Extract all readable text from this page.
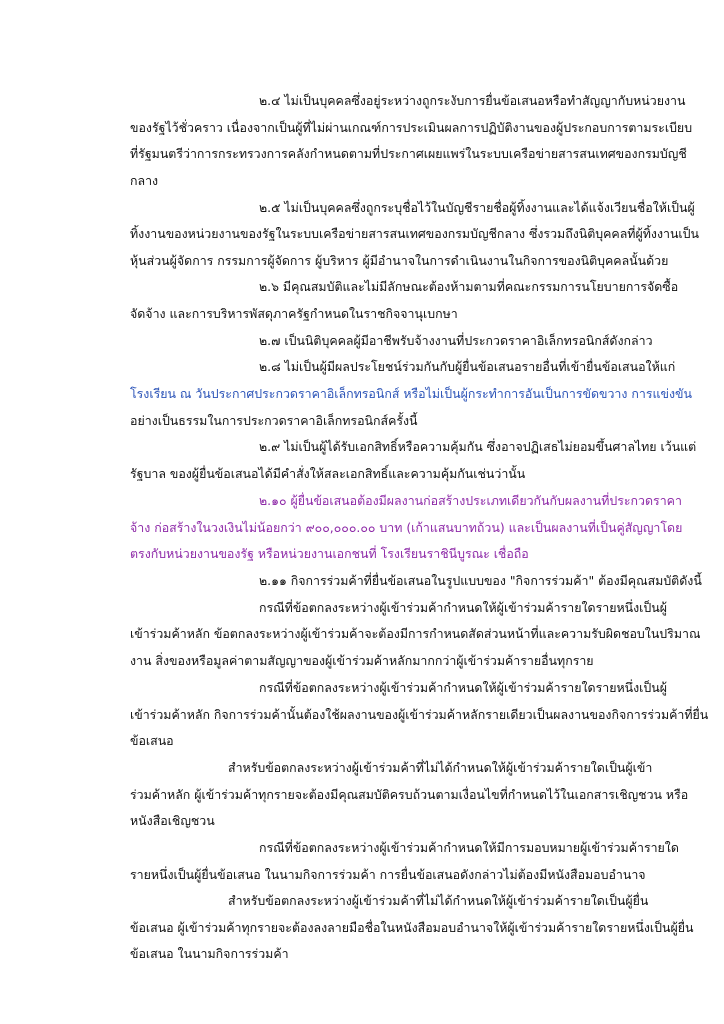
๒.๔ ไม่เป็นบุคคลซึ่งอยู่ระหว่างถูกระงับการยื่นข้อเสนอหรือทำสัญญากับหน่วยงาน
ของรัฐไว้ชั่วคราว เนื่องจากเป็นผู้ที่ไม่ผ่านเกณฑ์การประเมินผลการปฏิบัติงานของผู้ประกอบการตามระเบียบ
ที่รัฐมนตรีว่าการกระทรวงการคลังกำหนดตามที่ประกาศเผยแพร่ในระบบเครือข่ายสารสนเทศของกรมบัญชี
กลาง
๒.๕ ไม่เป็นบุคคลซึ่งถูกระบุชื่อไว้ในบัญชีรายชื่อผู้ทิ้งงานและได้แจ้งเวียนชื่อให้เป็นผู้
ทิ้งงานของหน่วยงานของรัฐในระบบเครือข่ายสารสนเทศของกรมบัญชีกลาง ซึ่งรวมถึงนิติบุคคลที่ผู้ทิ้งงานเป็น
หุ้นส่วนผู้จัดการ กรรมการผู้จัดการ ผู้บริหาร ผู้มีอำนาจในการดำเนินงานในกิจการของนิติบุคคลนั้นด้วย
๒.๖ มีคุณสมบัติและไม่มีลักษณะต้องห้ามตามที่คณะกรรมการนโยบายการจัดซื้อ
จัดจ้าง และการบริหารพัสดุภาครัฐกำหนดในราชกิจจานุเบกษา
๒.๗ เป็นนิติบุคคลผู้มีอาชีพรับจ้างงานที่ประกวดราคาอิเล็กทรอนิกส์ดังกล่าว
๒.๘ ไม่เป็นผู้มีผลประโยชน์ร่วมกันกับผู้ยื่นข้อเสนอรายอื่นที่เข้ายื่นข้อเสนอให้แก่
โรงเรียน ณ วันประกาศประกวดราคาอิเล็กทรอนิกส์ หรือไม่เป็นผู้กระทำการอันเป็นการขัดขวาง การแข่งขัน
อย่างเป็นธรรมในการประกวดราคาอิเล็กทรอนิกส์ครั้งนี้
๒.๙ ไม่เป็นผู้ได้รับเอกสิทธิ์หรือความคุ้มกัน ซึ่งอาจปฏิเสธไม่ยอมขึ้นศาลไทย เว้นแต่
รัฐบาล ของผู้ยื่นข้อเสนอได้มีคำสั่งให้สละเอกสิทธิ์และความคุ้มกันเช่นว่านั้น
๒.๑๐ ผู้ยื่นข้อเสนอต้องมีผลงานก่อสร้างประเภทเดียวกันกับผลงานที่ประกวดราคา
จ้าง ก่อสร้างในวงเงินไม่น้อยกว่า ๙๐๐,๐๐๐.๐๐ บาท (เก้าแสนบาทถ้วน) และเป็นผลงานที่เป็นคู่สัญญาโดย
ตรงกับหน่วยงานของรัฐ หรือหน่วยงานเอกชนที่ โรงเรียนราชินีบูรณะ เชื่อถือ
๒.๑๑ กิจการร่วมค้าที่ยื่นข้อเสนอในรูปแบบของ "กิจการร่วมค้า" ต้องมีคุณสมบัติดังนี้
กรณีที่ข้อตกลงระหว่างผู้เข้าร่วมค้ากำหนดให้ผู้เข้าร่วมค้ารายใดรายหนึ่งเป็นผู้
เข้าร่วมค้าหลัก ข้อตกลงระหว่างผู้เข้าร่วมค้าจะต้องมีการกำหนดสัดส่วนหน้าที่และความรับผิดชอบในปริมาณ
งาน สิ่งของหรือมูลค่าตามสัญญาของผู้เข้าร่วมค้าหลักมากกว่าผู้เข้าร่วมค้ารายอื่นทุกราย
กรณีที่ข้อตกลงระหว่างผู้เข้าร่วมค้ากำหนดให้ผู้เข้าร่วมค้ารายใดรายหนึ่งเป็นผู้
เข้าร่วมค้าหลัก กิจการร่วมค้านั้นต้องใช้ผลงานของผู้เข้าร่วมค้าหลักรายเดียวเป็นผลงานของกิจการร่วมค้าที่ยื่น
ข้อเสนอ
สำหรับข้อตกลงระหว่างผู้เข้าร่วมค้าที่ไม่ได้กำหนดให้ผู้เข้าร่วมค้ารายใดเป็นผู้เข้า
ร่วมค้าหลัก ผู้เข้าร่วมค้าทุกรายจะต้องมีคุณสมบัติครบถ้วนตามเงื่อนไขที่กำหนดไว้ในเอกสารเชิญชวน หรือ
หนังสือเชิญชวน
กรณีที่ข้อตกลงระหว่างผู้เข้าร่วมค้ากำหนดให้มีการมอบหมายผู้เข้าร่วมค้ารายใด
รายหนึ่งเป็นผู้ยื่นข้อเสนอ ในนามกิจการร่วมค้า การยื่นข้อเสนอดังกล่าวไม่ต้องมีหนังสือมอบอำนาจ
สำหรับข้อตกลงระหว่างผู้เข้าร่วมค้าที่ไม่ได้กำหนดให้ผู้เข้าร่วมค้ารายใดเป็นผู้ยื่น
ข้อเสนอ ผู้เข้าร่วมค้าทุกรายจะต้องลงลายมือชื่อในหนังสือมอบอำนาจให้ผู้เข้าร่วมค้ารายใดรายหนึ่งเป็นผู้ยื่น
ข้อเสนอ ในนามกิจการร่วมค้า
